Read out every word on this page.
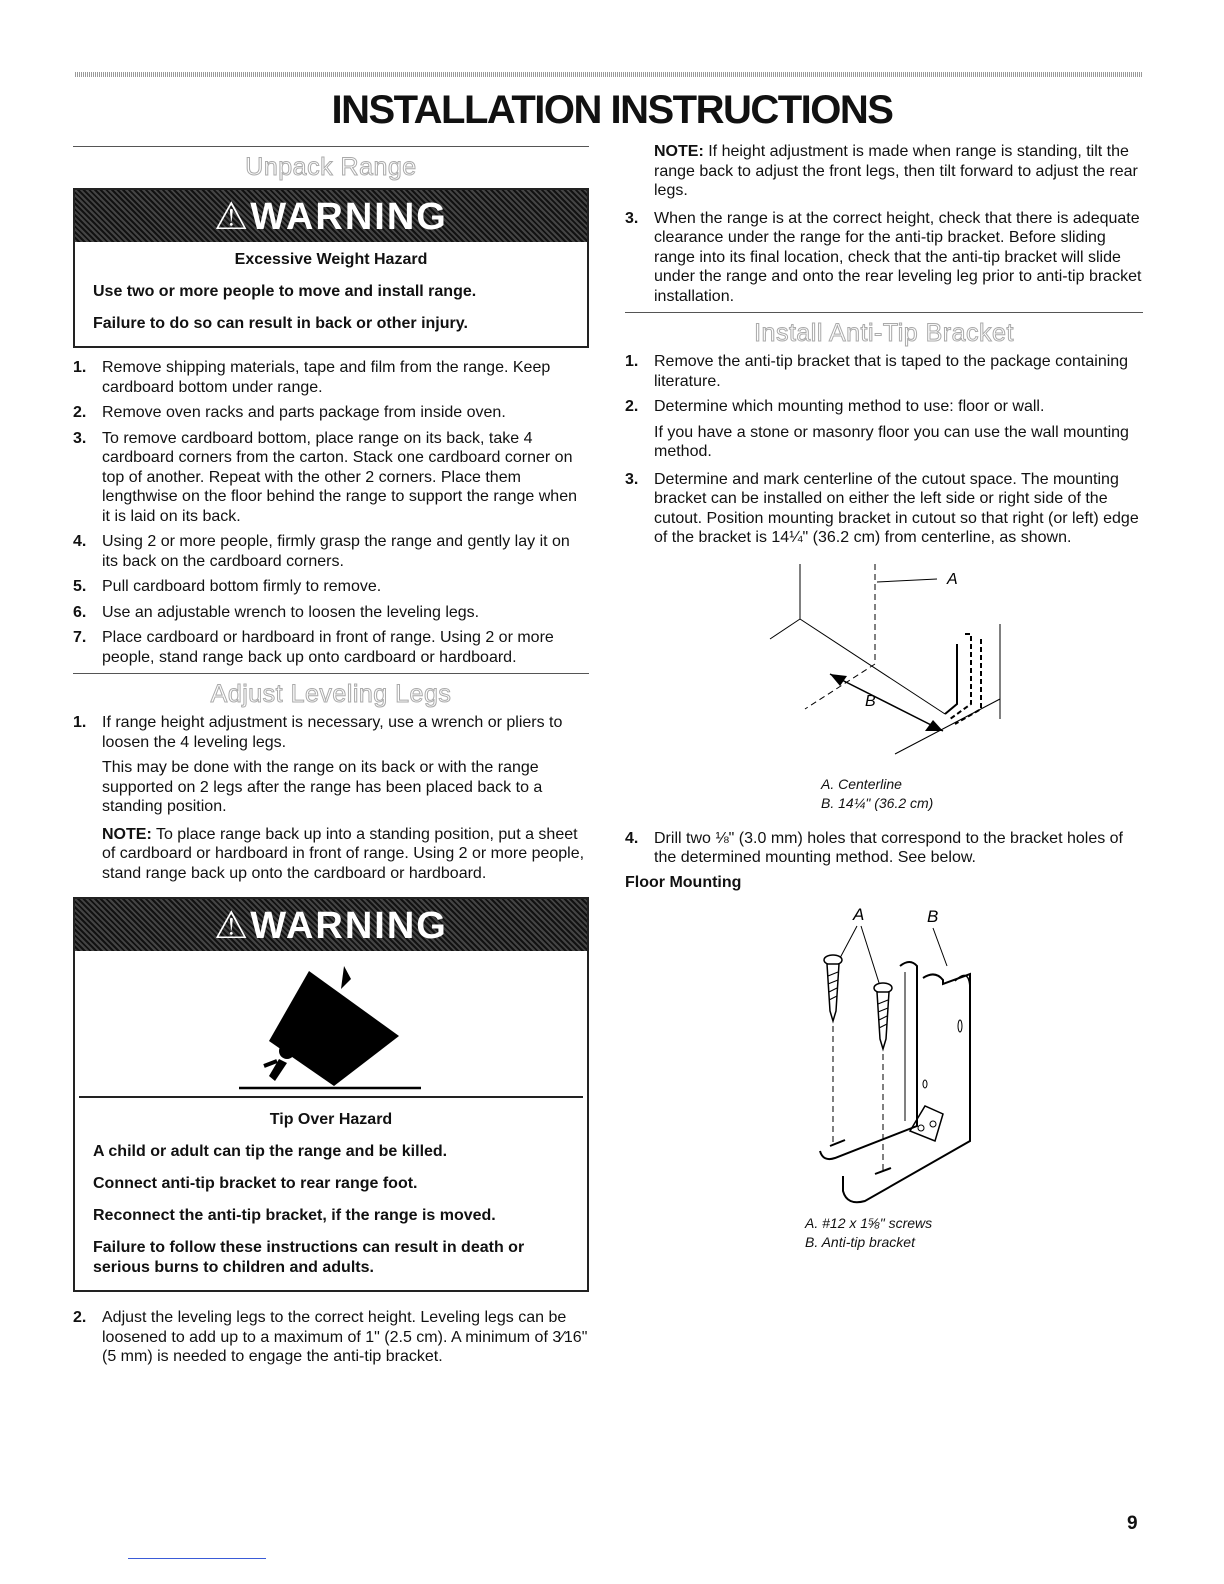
INSTALLATION INSTRUCTIONS
Unpack Range
⚠WARNING

Excessive Weight Hazard

Use two or more people to move and install range.

Failure to do so can result in back or other injury.

1. Remove shipping materials, tape and film from the range. Keep cardboard bottom under range.
2. Remove oven racks and parts package from inside oven.
3. To remove cardboard bottom, place range on its back, take 4 cardboard corners from the carton. Stack one cardboard corner on top of another. Repeat with the other 2 corners. Place them lengthwise on the floor behind the range to support the range when it is laid on its back.
4. Using 2 or more people, firmly grasp the range and gently lay it on its back on the cardboard corners.
5. Pull cardboard bottom firmly to remove.
6. Use an adjustable wrench to loosen the leveling legs.
7. Place cardboard or hardboard in front of range. Using 2 or more people, stand range back up onto cardboard or hardboard.
Adjust Leveling Legs
1. If range height adjustment is necessary, use a wrench or pliers to loosen the 4 leveling legs.

This may be done with the range on its back or with the range supported on 2 legs after the range has been placed back to a standing position.

NOTE: To place range back up into a standing position, put a sheet of cardboard or hardboard in front of range. Using 2 or more people, stand range back up onto the cardboard or hardboard.

⚠WARNING

Tip Over Hazard

A child or adult can tip the range and be killed.

Connect anti-tip bracket to rear range foot.

Reconnect the anti-tip bracket, if the range is moved.

Failure to follow these instructions can result in death or serious burns to children and adults.

2. Adjust the leveling legs to the correct height. Leveling legs can be loosened to add up to a maximum of 1" (2.5 cm). A minimum of 3⁄16" (5 mm) is needed to engage the anti-tip bracket.

NOTE: If height adjustment is made when range is standing, tilt the range back to adjust the front legs, then tilt forward to adjust the rear legs.

3. When the range is at the correct height, check that there is adequate clearance under the range for the anti-tip bracket. Before sliding range into its final location, check that the anti-tip bracket will slide under the range and onto the rear leveling leg prior to anti-tip bracket installation.
Install Anti-Tip Bracket
1. Remove the anti-tip bracket that is taped to the package containing literature.
2. Determine which mounting method to use: floor or wall.

If you have a stone or masonry floor you can use the wall mounting method.

3. Determine and mark centerline of the cutout space. The mounting bracket can be installed on either the left side or right side of the cutout. Position mounting bracket in cutout so that right (or left) edge of the bracket is 14¼" (36.2 cm) from centerline, as shown.
A
B
A. Centerline
B. 14¼" (36.2 cm)
4. Drill two ⅛" (3.0 mm) holes that correspond to the bracket holes of the determined mounting method. See below.
Floor Mounting
A	B
A. #12 x 1⅝" screws
B. Anti-tip bracket
9
